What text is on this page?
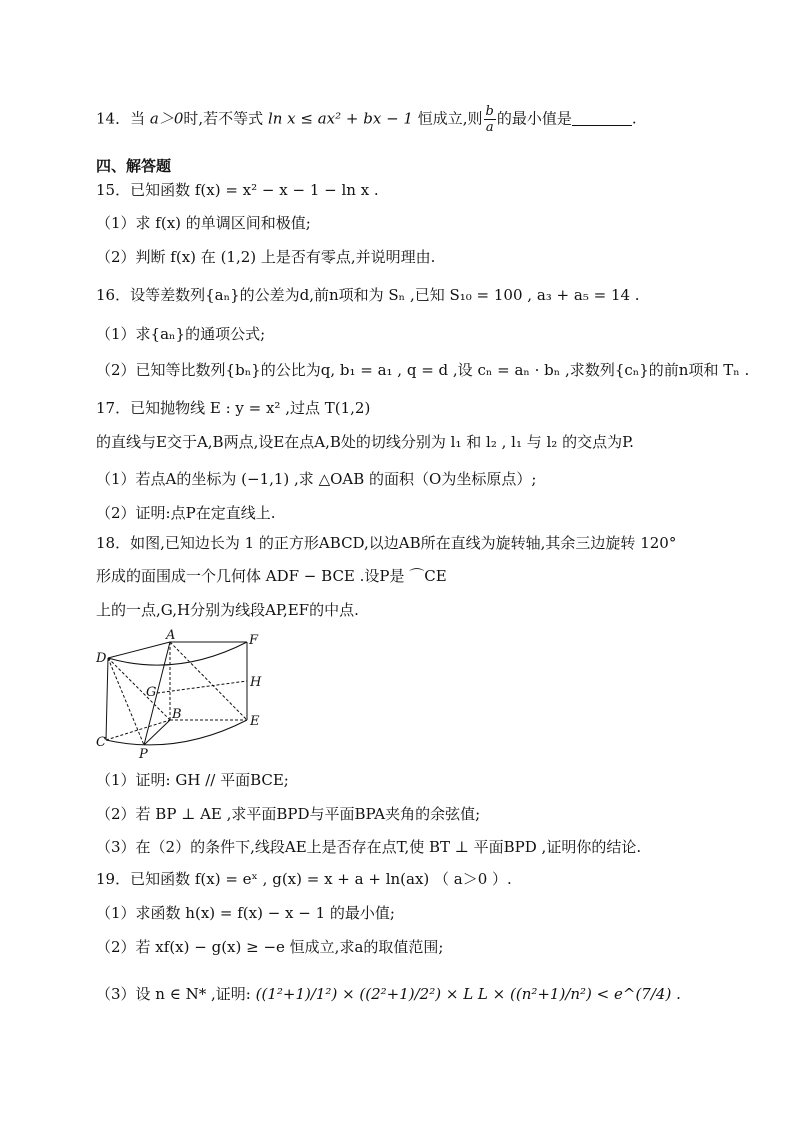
14．当 a＞0时,若不等式 ln x ≤ ax² + bx − 1 恒成立,则 $\frac{b}{a}$ 的最小值是	.
四、解答题
15．已知函数 f(x) = x² − x − 1 − ln x .
（1）求 f(x) 的单调区间和极值;
（2）判断 f(x) 在 (1,2) 上是否有零点,并说明理由.
16．设等差数列{aₙ}的公差为d,前n项和为 Sₙ ,已知 S₁₀ = 100 , a₃ + a₅ = 14 .
（1）求{aₙ}的通项公式;
（2）已知等比数列{bₙ}的公比为q, b₁ = a₁ , q = d ,设 cₙ = aₙ · bₙ ,求数列{cₙ}的前n项和 Tₙ .
17．已知抛物线 E : y = x² ,过点 T(1,2)
的直线与E交于A,B两点,设E在点A,B处的切线分别为 l₁ 和 l₂ , l₁ 与 l₂ 的交点为P.
（1）若点A的坐标为 (−1,1) ,求 △OAB 的面积（O为坐标原点）;
（2）证明:点P在定直线上.
18．如图,已知边长为 1 的正方形ABCD,以边AB所在直线为旋转轴,其余三边旋转 120°
形成的面围成一个几何体 ADF − BCE .设P是 ⌒CE
上的一点,G,H分别为线段AP,EF的中点.
A	F
D
H
G
B	E
C
P
（1）证明: GH // 平面BCE;
（2）若 BP ⊥ AE ,求平面BPD与平面BPA夹角的余弦值;
（3）在（2）的条件下,线段AE上是否存在点T,使 BT ⊥ 平面BPD ,证明你的结论.
19．已知函数 f(x) = eˣ , g(x) = x + a + ln(ax) （ a＞0 ）.
（1）求函数 h(x) = f(x) − x − 1 的最小值;
（2）若 xf(x) − g(x) ≥ −e 恒成立,求a的取值范围;
（3）设 n ∈ N* ,证明: ((1²+1)/1²) × ((2²+1)/2²) × L L × ((n²+1)/n²) < e^(7/4) .
